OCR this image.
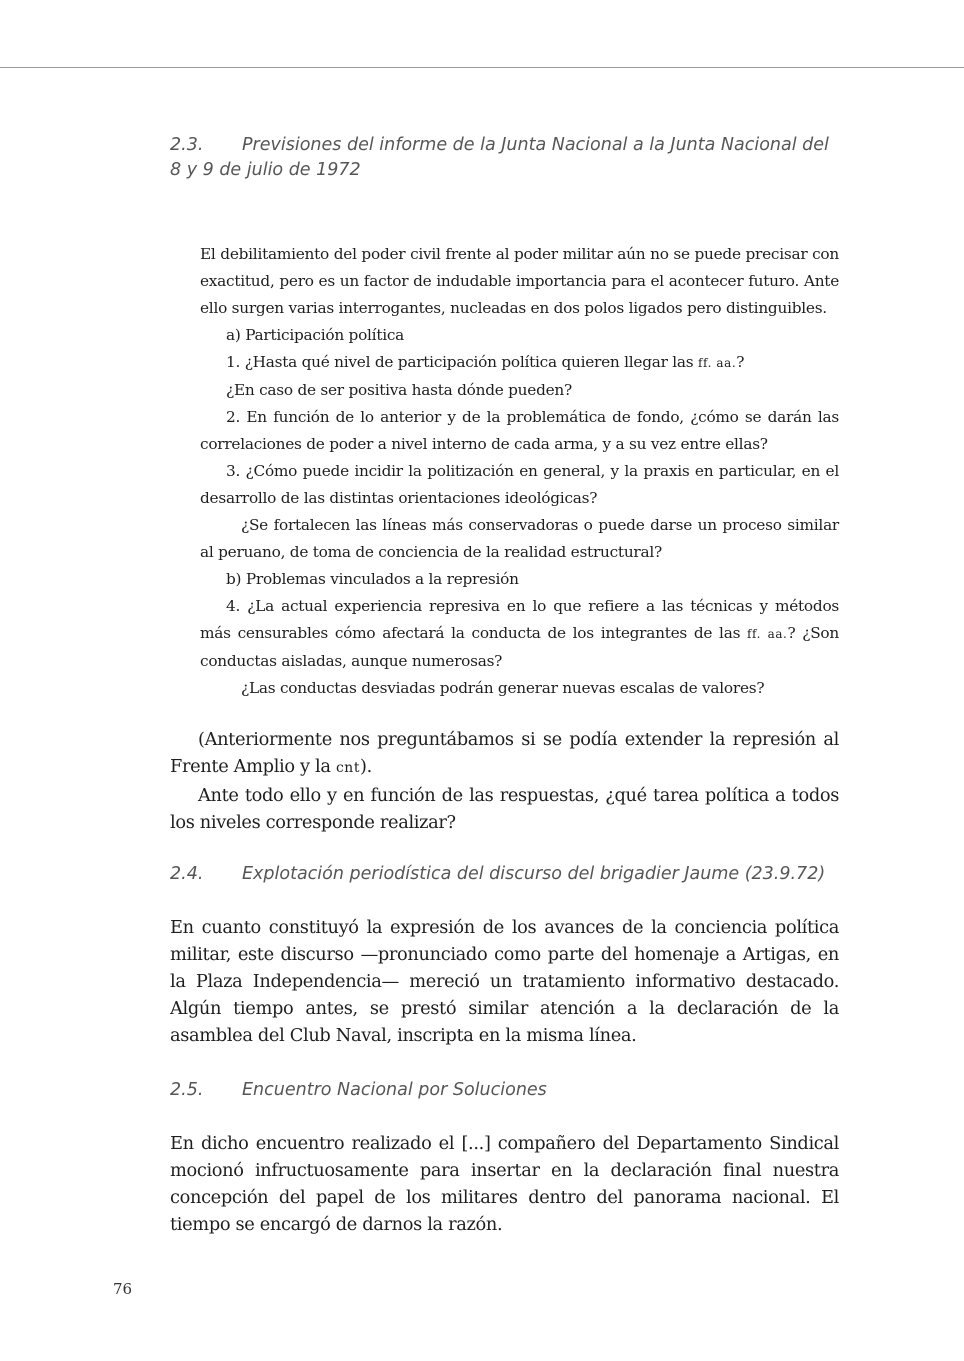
2.3. Previsiones del informe de la Junta Nacional a la Junta Nacional del 8 y 9 de julio de 1972

El debilitamiento del poder civil frente al poder militar aún no se puede precisar con exactitud, pero es un factor de indudable importancia para el acontecer futuro. Ante ello surgen varias interrogantes, nucleadas en dos polos ligados pero distinguibles.

a) Participación política

1. ¿Hasta qué nivel de participación política quieren llegar las ff. aa.?

¿En caso de ser positiva hasta dónde pueden?

2. En función de lo anterior y de la problemática de fondo, ¿cómo se darán las correlaciones de poder a nivel interno de cada arma, y a su vez entre ellas?

3. ¿Cómo puede incidir la politización en general, y la praxis en particular, en el desarrollo de las distintas orientaciones ideológicas?

¿Se fortalecen las líneas más conservadoras o puede darse un proceso similar al peruano, de toma de conciencia de la realidad estructural?

b) Problemas vinculados a la represión

4. ¿La actual experiencia represiva en lo que refiere a las técnicas y métodos más censurables cómo afectará la conducta de los integrantes de las ff. aa.? ¿Son conductas aisladas, aunque numerosas?

¿Las conductas desviadas podrán generar nuevas escalas de valores?

(Anteriormente nos preguntábamos si se podía extender la represión al Frente Amplio y la cnt).

Ante todo ello y en función de las respuestas, ¿qué tarea política a todos los niveles corresponde realizar?

2.4. Explotación periodística del discurso del brigadier Jaume (23.9.72)

En cuanto constituyó la expresión de los avances de la conciencia política militar, este discurso —pronunciado como parte del homenaje a Artigas, en la Plaza Independencia— mereció un tratamiento informativo destacado. Algún tiempo antes, se prestó similar atención a la declaración de la asamblea del Club Naval, inscripta en la misma línea.

2.5. Encuentro Nacional por Soluciones

En dicho encuentro realizado el [...] compañero del Departamento Sindical mocionó infructuosamente para insertar en la declaración final nuestra concepción del papel de los militares dentro del panorama nacional. El tiempo se encargó de darnos la razón.

76
